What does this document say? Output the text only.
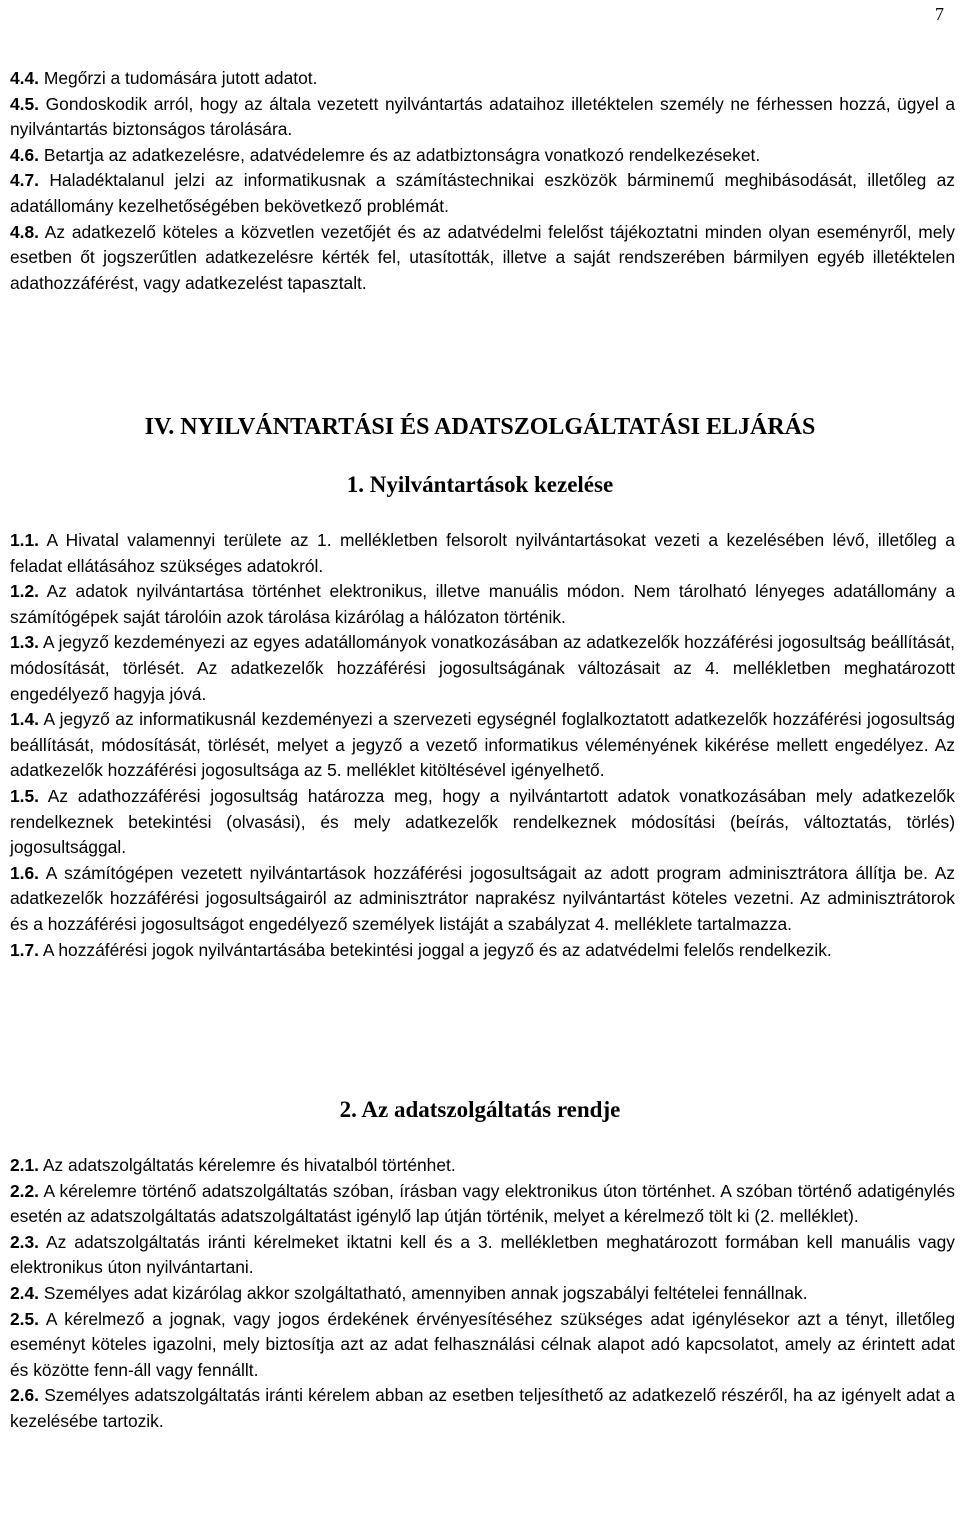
7
4.4. Megőrzi a tudomására jutott adatot.
4.5. Gondoskodik arról, hogy az általa vezetett nyilvántartás adataihoz illetéktelen személy ne férhessen hozzá, ügyel a nyilvántartás biztonságos tárolására.
4.6. Betartja az adatkezelésre, adatvédelemre és az adatbiztonságra vonatkozó rendelkezéseket.
4.7. Haladéktalanul jelzi az informatikusnak a számítástechnikai eszközök bárminemű meghibásodását, illetőleg az adatállomány kezelhetőségében bekövetkező problémát.
4.8. Az adatkezelő köteles a közvetlen vezetőjét és az adatvédelmi felelőst tájékoztatni minden olyan eseményről, mely esetben őt jogszerűtlen adatkezelésre kérték fel, utasították, illetve a saját rendszerében bármilyen egyéb illetéktelen adathozzáférést, vagy adatkezelést tapasztalt.
IV. NYILVÁNTARTÁSI ÉS ADATSZOLGÁLTATÁSI ELJÁRÁS
1. Nyilvántartások kezelése
1.1. A Hivatal valamennyi területe az 1. mellékletben felsorolt nyilvántartásokat vezeti a kezelésében lévő, illetőleg a feladat ellátásához szükséges adatokról.
1.2. Az adatok nyilvántartása történhet elektronikus, illetve manuális módon. Nem tárolható lényeges adatállomány a számítógépek saját tárolóin azok tárolása kizárólag a hálózaton történik.
1.3. A jegyző kezdeményezi az egyes adatállományok vonatkozásában az adatkezelők hozzáférési jogosultság beállítását, módosítását, törlését. Az adatkezelők hozzáférési jogosultságának változásait az 4. mellékletben meghatározott engedélyező hagyja jóvá.
1.4. A jegyző az informatikusnál kezdeményezi a szervezeti egységnél foglalkoztatott adatkezelők hozzáférési jogosultság beállítását, módosítását, törlését, melyet a jegyző a vezető informatikus véleményének kikérése mellett engedélyez. Az adatkezelők hozzáférési jogosultsága az 5. melléklet kitöltésével igényelhető.
1.5. Az adathozzáférési jogosultság határozza meg, hogy a nyilvántartott adatok vonatkozásában mely adatkezelők rendelkeznek betekintési (olvasási), és mely adatkezelők rendelkeznek módosítási (beírás, változtatás, törlés) jogosultsággal.
1.6. A számítógépen vezetett nyilvántartások hozzáférési jogosultságait az adott program adminisztrátora állítja be. Az adatkezelők hozzáférési jogosultságairól az adminisztrátor naprakész nyilvántartást köteles vezetni. Az adminisztrátorok és a hozzáférési jogosultságot engedélyező személyek listáját a szabályzat 4. melléklete tartalmazza.
1.7. A hozzáférési jogok nyilvántartásába betekintési joggal a jegyző és az adatvédelmi felelős rendelkezik.
2. Az adatszolgáltatás rendje
2.1. Az adatszolgáltatás kérelemre és hivatalból történhet.
2.2. A kérelemre történő adatszolgáltatás szóban, írásban vagy elektronikus úton történhet. A szóban történő adatigénylés esetén az adatszolgáltatás adatszolgáltatást igénylő lap útján történik, melyet a kérelmező tölt ki (2. melléklet).
2.3. Az adatszolgáltatás iránti kérelmeket iktatni kell és a 3. mellékletben meghatározott formában kell manuális vagy elektronikus úton nyilvántartani.
2.4. Személyes adat kizárólag akkor szolgáltatható, amennyiben annak jogszabályi feltételei fennállnak.
2.5. A kérelmező a jognak, vagy jogos érdekének érvényesítéséhez szükséges adat igénylésekor azt a tényt, illetőleg eseményt köteles igazolni, mely biztosítja azt az adat felhasználási célnak alapot adó kapcsolatot, amely az érintett adat és közötte fenn-áll vagy fennállt.
2.6. Személyes adatszolgáltatás iránti kérelem abban az esetben teljesíthető az adatkezelő részéről, ha az igényelt adat a kezelésébe tartozik.
